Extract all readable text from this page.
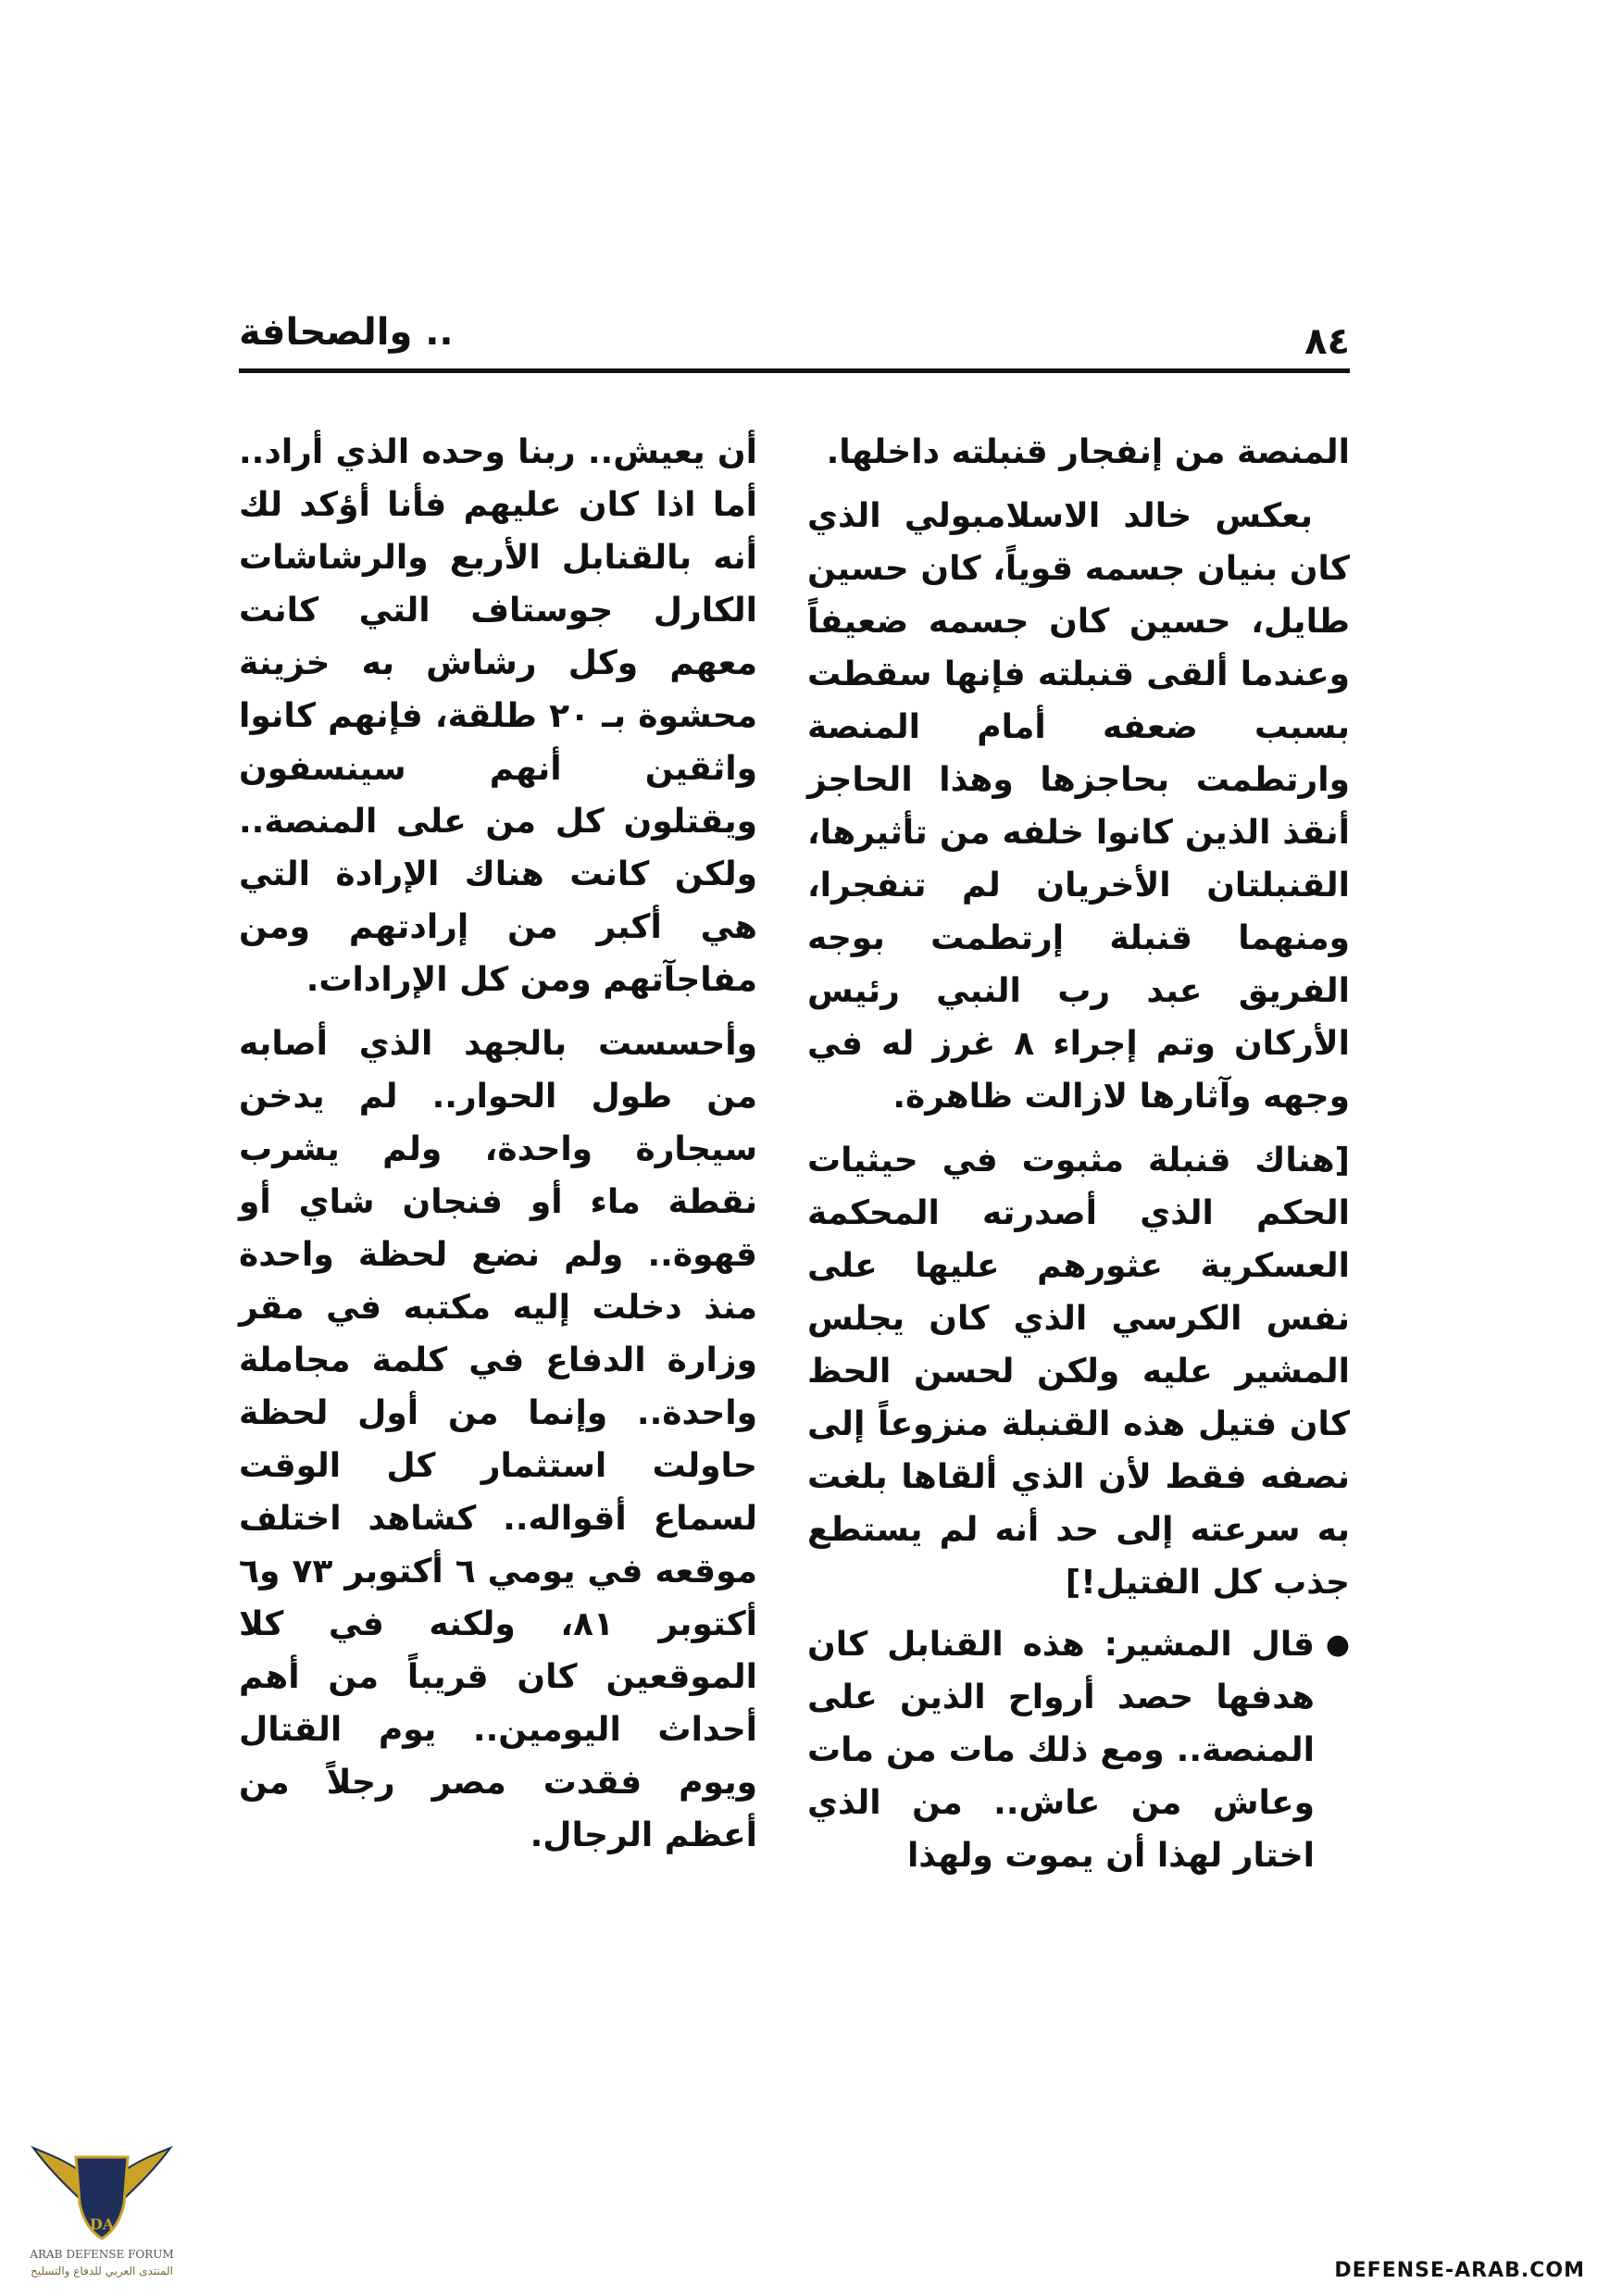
.. والصحافة	٨٤

المنصة من إنفجار قنبلته داخلها.

بعكس خالد الاسلامبولي الذي كان بنيان جسمه قوياً، كان حسين طايل، حسين كان جسمه ضعيفاً وعندما ألقى قنبلته فإنها سقطت بسبب ضعفه أمام المنصة وارتطمت بحاجزها وهذا الحاجز أنقذ الذين كانوا خلفه من تأثيرها، القنبلتان الأخريان لم تنفجرا، ومنهما قنبلة إرتطمت بوجه الفريق عبد رب النبي رئيس الأركان وتم إجراء ٨ غرز له في وجهه وآثارها لازالت ظاهرة.

[هناك قنبلة مثبوت في حيثيات الحكم الذي أصدرته المحكمة العسكرية عثورهم عليها على نفس الكرسي الذي كان يجلس المشير عليه ولكن لحسن الحظ كان فتيل هذه القنبلة منزوعاً إلى نصفه فقط لأن الذي ألقاها بلغت به سرعته إلى حد أنه لم يستطع جذب كل الفتيل!]

●
قال المشير: هذه القنابل كان هدفها حصد أرواح الذين على المنصة.. ومع ذلك مات من مات وعاش من عاش.. من الذي اختار لهذا أن يموت ولهذا

أن يعيش.. ربنا وحده الذي أراد.. أما اذا كان عليهم فأنا أؤكد لك أنه بالقنابل الأربع والرشاشات الكارل جوستاف التي كانت معهم وكل رشاش به خزينة محشوة بـ ٢٠ طلقة، فإنهم كانوا واثقين أنهم سينسفون ويقتلون كل من على المنصة.. ولكن كانت هناك الإرادة التي هي أكبر من إرادتهم ومن مفاجآتهم ومن كل الإرادات.

وأحسست بالجهد الذي أصابه من طول الحوار.. لم يدخن سيجارة واحدة، ولم يشرب نقطة ماء أو فنجان شاي أو قهوة.. ولم نضع لحظة واحدة منذ دخلت إليه مكتبه في مقر وزارة الدفاع في كلمة مجاملة واحدة.. وإنما من أول لحظة حاولت استثمار كل الوقت لسماع أقواله.. كشاهد اختلف موقعه في يومي ٦ أكتوبر ٧٣ و٦ أكتوبر ٨١، ولكنه في كلا الموقعين كان قريباً من أهم أحداث اليومين.. يوم القتال ويوم فقدت مصر رجلاً من أعظم الرجال.

DA
ARAB DEFENSE FORUM
المنتدى العربي للدفاع والتسليح	DEFENSE-ARAB.COM
